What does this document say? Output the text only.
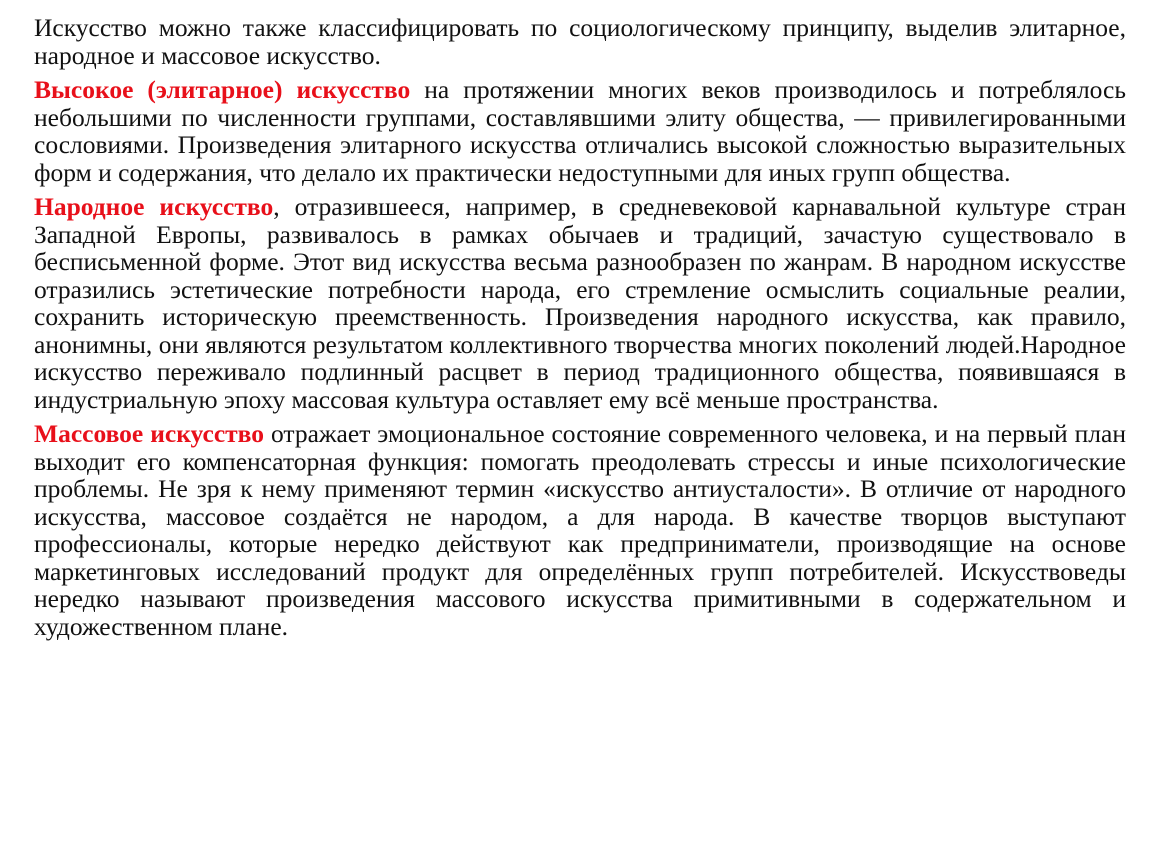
Искусство можно также классифицировать по социологическому принципу, выделив элитарное, народное и массовое искусство.

Высокое (элитарное) искусство на протяжении многих веков производилось и потреблялось небольшими по численности группами, составлявшими элиту общества, — привилегированными сословиями. Произведения элитарного искусства отличались высокой сложностью выразительных форм и содержания, что делало их практически недоступными для иных групп общества.

Народное искусство, отразившееся, например, в средневековой карнавальной культуре стран Западной Европы, развивалось в рамках обычаев и традиций, зачастую существовало в бесписьменной форме. Этот вид искусства весьма разнообразен по жанрам. В народном искусстве отразились эстетические потребности народа, его стремление осмыслить социальные реалии, сохранить историческую преемственность. Произведения народного искусства, как правило, анонимны, они являются результатом коллективного творчества многих поколений людей.Народное искусство переживало подлинный расцвет в период традиционного общества, появившаяся в индустриальную эпоху массовая культура оставляет ему всё меньше пространства.

Массовое искусство отражает эмоциональное состояние современного человека, и на первый план выходит его компенсаторная функция: помогать преодолевать стрессы и иные психологические проблемы. Не зря к нему применяют термин «искусство антиусталости». В отличие от народного искусства, массовое создаётся не народом, а для народа. В качестве творцов выступают профессионалы, которые нередко действуют как предприниматели, производящие на основе маркетинговых исследований продукт для определённых групп потребителей. Искусствоведы нередко называют произведения массового искусства примитивными в содержательном и художественном плане.
